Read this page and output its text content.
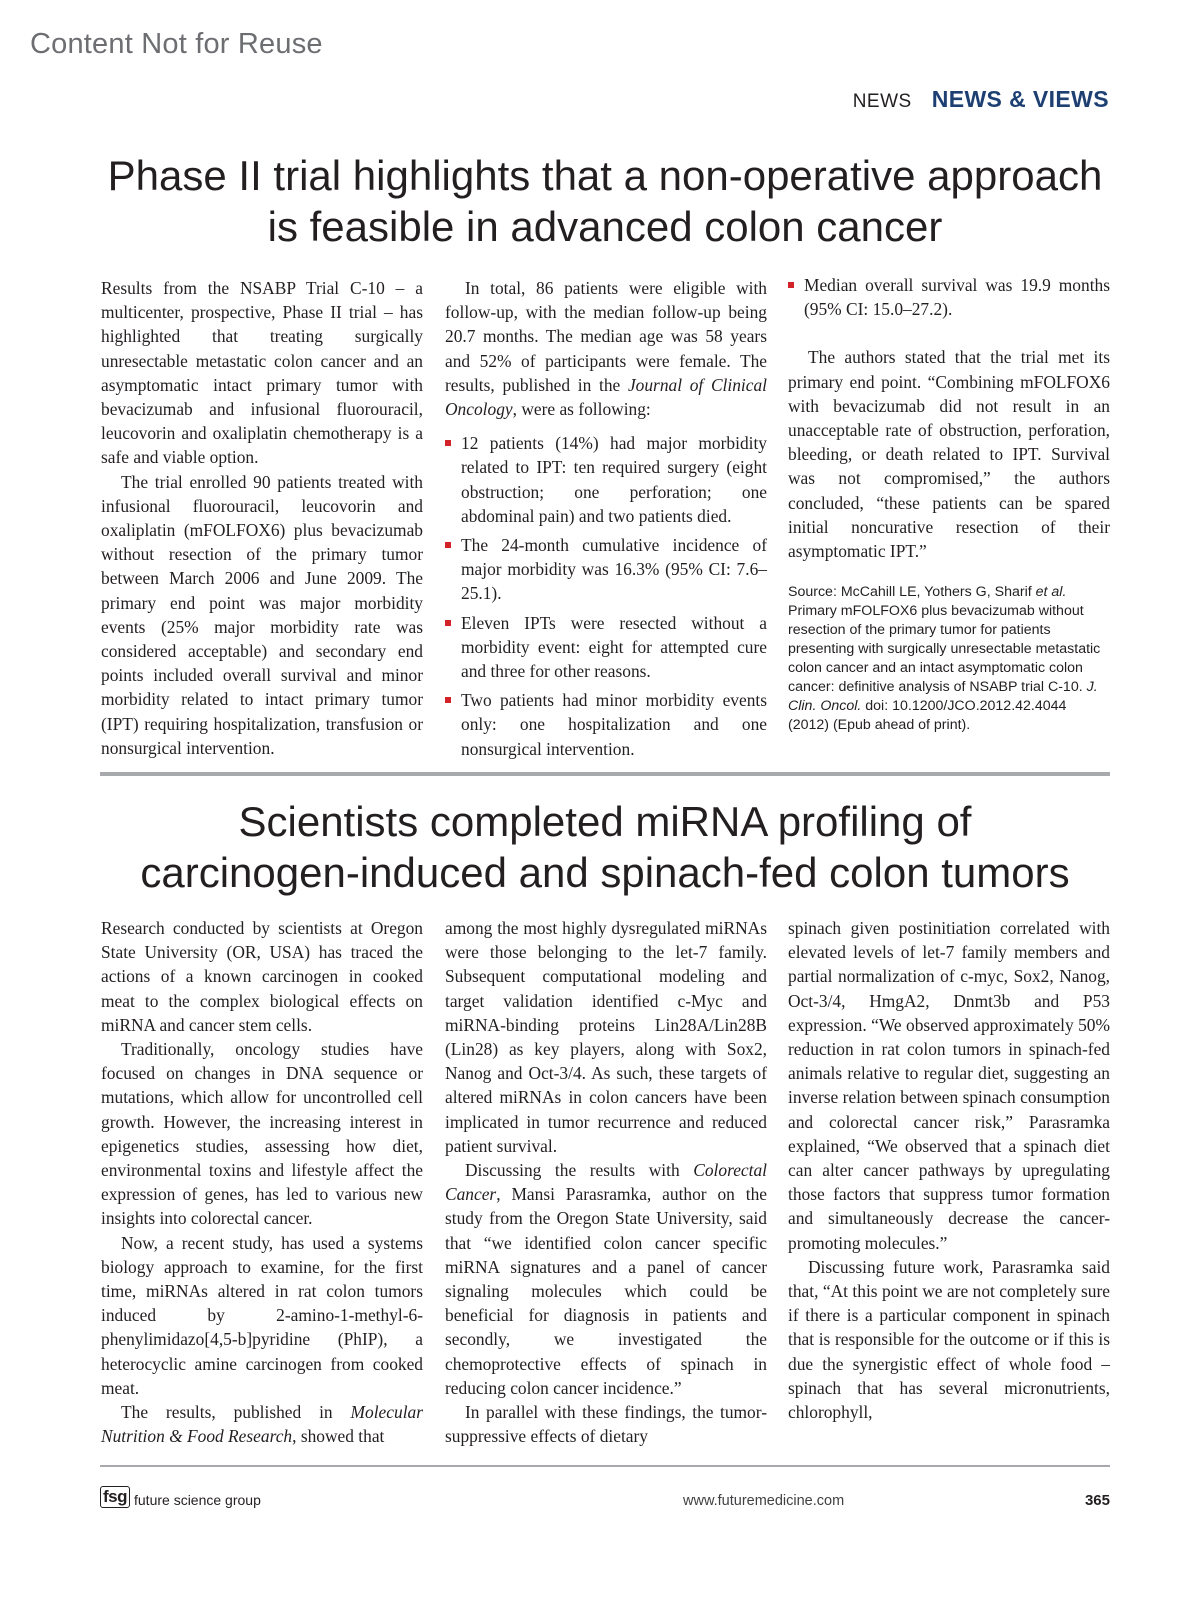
Content Not for Reuse
NEWS NEWS & VIEWS
Phase II trial highlights that a non-operative approach
is feasible in advanced colon cancer

Results from the NSABP Trial C-10 – a multicenter, prospective, Phase II trial – has highlighted that treating surgically unresectable metastatic colon cancer and an asymptomatic intact primary tumor with bevacizumab and infusional fluorouracil, leucovorin and oxaliplatin chemotherapy is a safe and viable option.

The trial enrolled 90 patients treated with infusional fluorouracil, leucovorin and oxaliplatin (mFOLFOX6) plus bevacizumab without resection of the primary tumor between March 2006 and June 2009. The primary end point was major morbidity events (25% major morbidity rate was considered acceptable) and secondary end points included overall survival and minor morbidity related to intact primary tumor (IPT) requiring hospitalization, transfusion or nonsurgical intervention.

In total, 86 patients were eligible with follow-up, with the median follow-up being 20.7 months. The median age was 58 years and 52% of participants were female. The results, published in the Journal of Clinical Oncology, were as following:

12 patients (14%) had major morbidity related to IPT: ten required surgery (eight obstruction; one perforation; one abdominal pain) and two patients died.
The 24-month cumulative incidence of major morbidity was 16.3% (95% CI: 7.6–25.1).
Eleven IPTs were resected without a morbidity event: eight for attempted cure and three for other reasons.
Two patients had minor morbidity events only: one hospitalization and one nonsurgical intervention.
Median overall survival was 19.9 months (95% CI: 15.0–27.2).

The authors stated that the trial met its primary end point. “Combining mFOLFOX6 with bevacizumab did not result in an unacceptable rate of obstruction, perforation, bleeding, or death related to IPT. Survival was not compromised,” the authors concluded, “these patients can be spared initial noncurative resection of their asymptomatic IPT.”

Source: McCahill LE, Yothers G, Sharif et al. Primary mFOLFOX6 plus bevacizumab without resection of the primary tumor for patients presenting with surgically unresectable metastatic colon cancer and an intact asymptomatic colon cancer: definitive analysis of NSABP trial C-10. J. Clin. Oncol. doi: 10.1200/JCO.2012.42.4044 (2012) (Epub ahead of print).
Scientists completed miRNA profiling of
carcinogen-induced and spinach-fed colon tumors

Research conducted by scientists at Oregon State University (OR, USA) has traced the actions of a known carcinogen in cooked meat to the complex biological effects on miRNA and cancer stem cells.

Traditionally, oncology studies have focused on changes in DNA sequence or mutations, which allow for uncontrolled cell growth. However, the increasing interest in epigenetics studies, assessing how diet, environmental toxins and lifestyle affect the expression of genes, has led to various new insights into colorectal cancer.

Now, a recent study, has used a systems biology approach to examine, for the first time, miRNAs altered in rat colon tumors induced by 2-amino-1-methyl-6-phenylimidazo[4,5-b]pyridine (PhIP), a heterocyclic amine carcinogen from cooked meat.

The results, published in Molecular Nutrition & Food Research, showed that

among the most highly dysregulated miRNAs were those belonging to the let-7 family. Subsequent computational modeling and target validation identified c-Myc and miRNA-binding proteins Lin28A/Lin28B (Lin28) as key players, along with Sox2, Nanog and Oct-3/4. As such, these targets of altered miRNAs in colon cancers have been implicated in tumor recurrence and reduced patient survival.

Discussing the results with Colorectal Cancer, Mansi Parasramka, author on the study from the Oregon State University, said that “we identified colon cancer specific miRNA signatures and a panel of cancer signaling molecules which could be beneficial for diagnosis in patients and secondly, we investigated the chemoprotective effects of spinach in reducing colon cancer incidence.”

In parallel with these findings, the tumor-suppressive effects of dietary

spinach given postinitiation correlated with elevated levels of let-7 family members and partial normalization of c-myc, Sox2, Nanog, Oct-3/4, HmgA2, Dnmt3b and P53 expression. “We observed approximately 50% reduction in rat colon tumors in spinach-fed animals relative to regular diet, suggesting an inverse relation between spinach consumption and colorectal cancer risk,” Parasramka explained, “We observed that a spinach diet can alter cancer pathways by upregulating those factors that suppress tumor formation and simultaneously decrease the cancer-promoting molecules.”

Discussing future work, Parasramka said that, “At this point we are not completely sure if there is a particular component in spinach that is responsible for the outcome or if this is due the synergistic effect of whole food – spinach that has several micronutrients, chlorophyll,

fsg future science group	www.futuremedicine.com	365
